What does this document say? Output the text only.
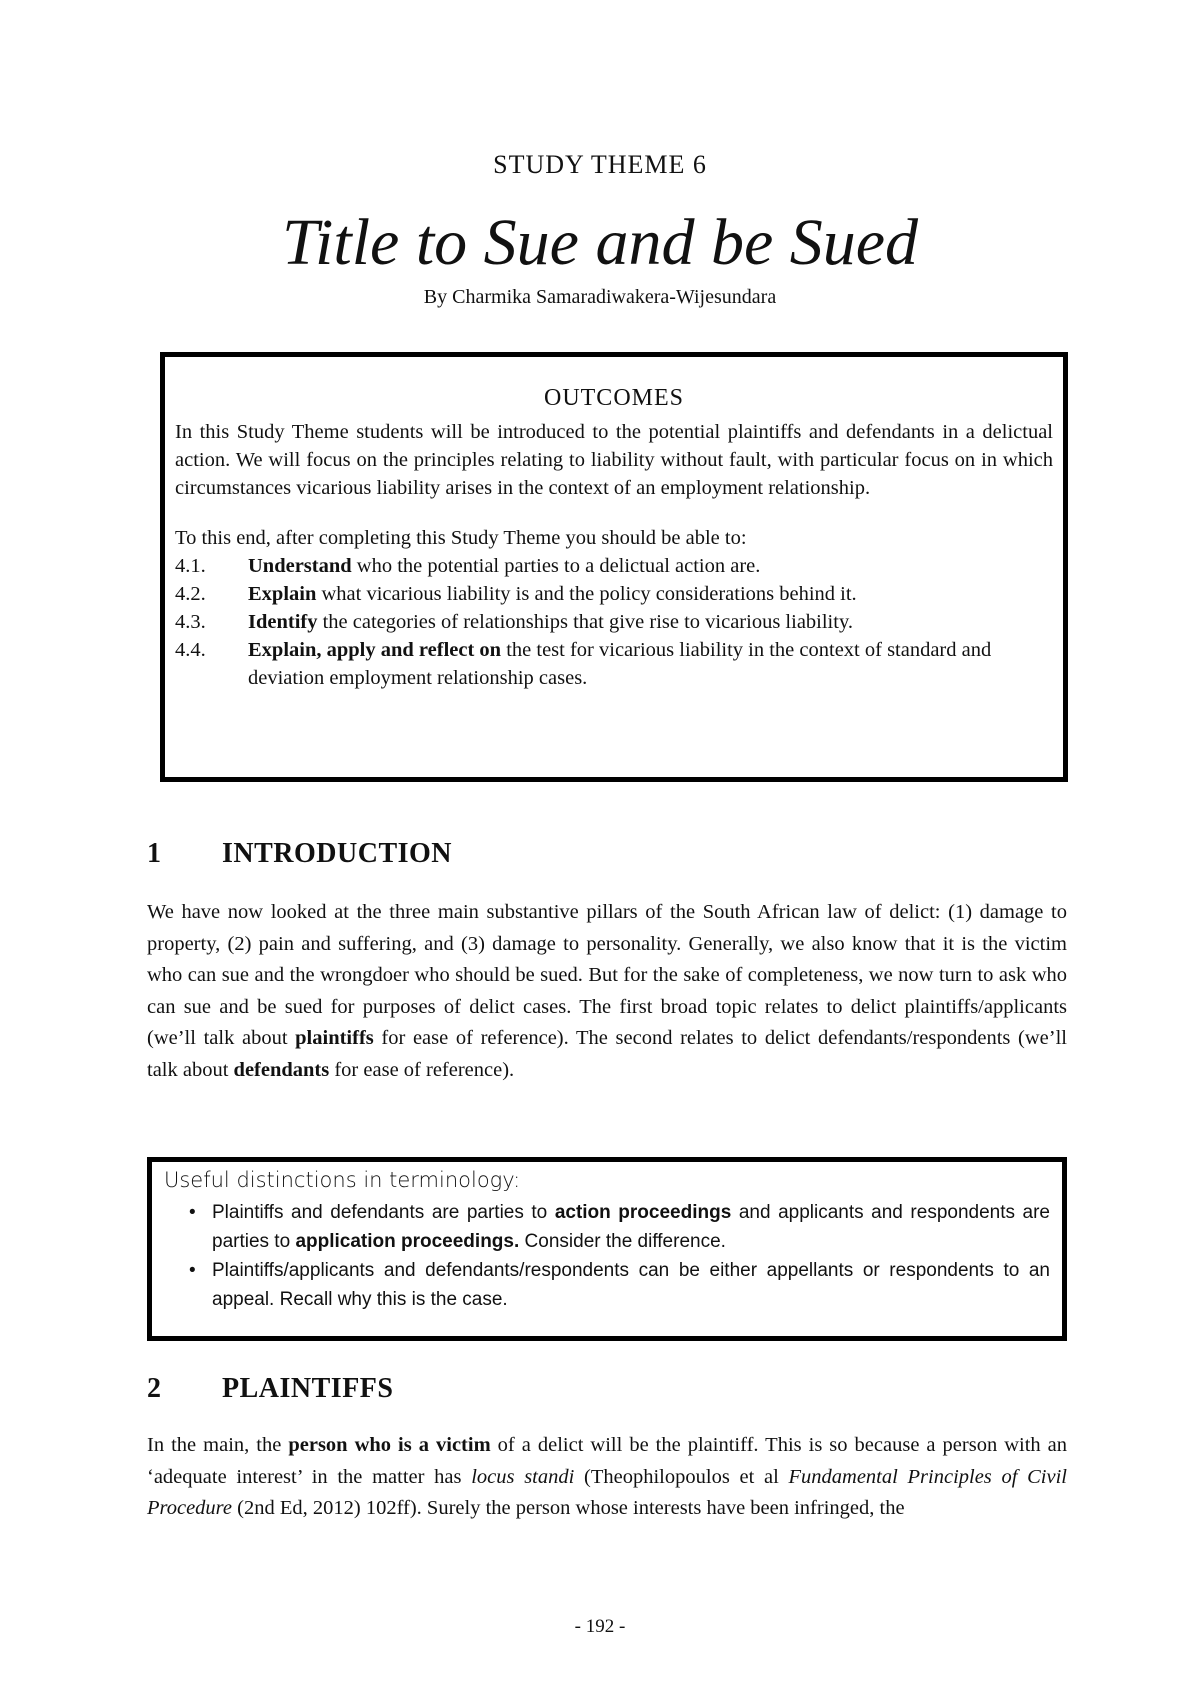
STUDY THEME 6
Title to Sue and be Sued
By Charmika Samaradiwakera-Wijesundara
OUTCOMES
In this Study Theme students will be introduced to the potential plaintiffs and defendants in a delictual action. We will focus on the principles relating to liability without fault, with particular focus on in which circumstances vicarious liability arises in the context of an employment relationship.
To this end, after completing this Study Theme you should be able to:
4.1.	Understand who the potential parties to a delictual action are.
4.2.	Explain what vicarious liability is and the policy considerations behind it.
4.3.	Identify the categories of relationships that give rise to vicarious liability.
4.4.	Explain, apply and reflect on the test for vicarious liability in the context of standard and deviation employment relationship cases.
1	INTRODUCTION
We have now looked at the three main substantive pillars of the South African law of delict: (1) damage to property, (2) pain and suffering, and (3) damage to personality. Generally, we also know that it is the victim who can sue and the wrongdoer who should be sued. But for the sake of completeness, we now turn to ask who can sue and be sued for purposes of delict cases. The first broad topic relates to delict plaintiffs/applicants (we’ll talk about plaintiffs for ease of reference). The second relates to delict defendants/respondents (we’ll talk about defendants for ease of reference).
Useful distinctions in terminology:
• Plaintiffs and defendants are parties to action proceedings and applicants and respondents are parties to application proceedings. Consider the difference.
• Plaintiffs/applicants and defendants/respondents can be either appellants or respondents to an appeal. Recall why this is the case.
2	PLAINTIFFS
In the main, the person who is a victim of a delict will be the plaintiff. This is so because a person with an ‘adequate interest’ in the matter has locus standi (Theophilopoulos et al Fundamental Principles of Civil Procedure (2nd Ed, 2012) 102ff). Surely the person whose interests have been infringed, the
- 192 -
